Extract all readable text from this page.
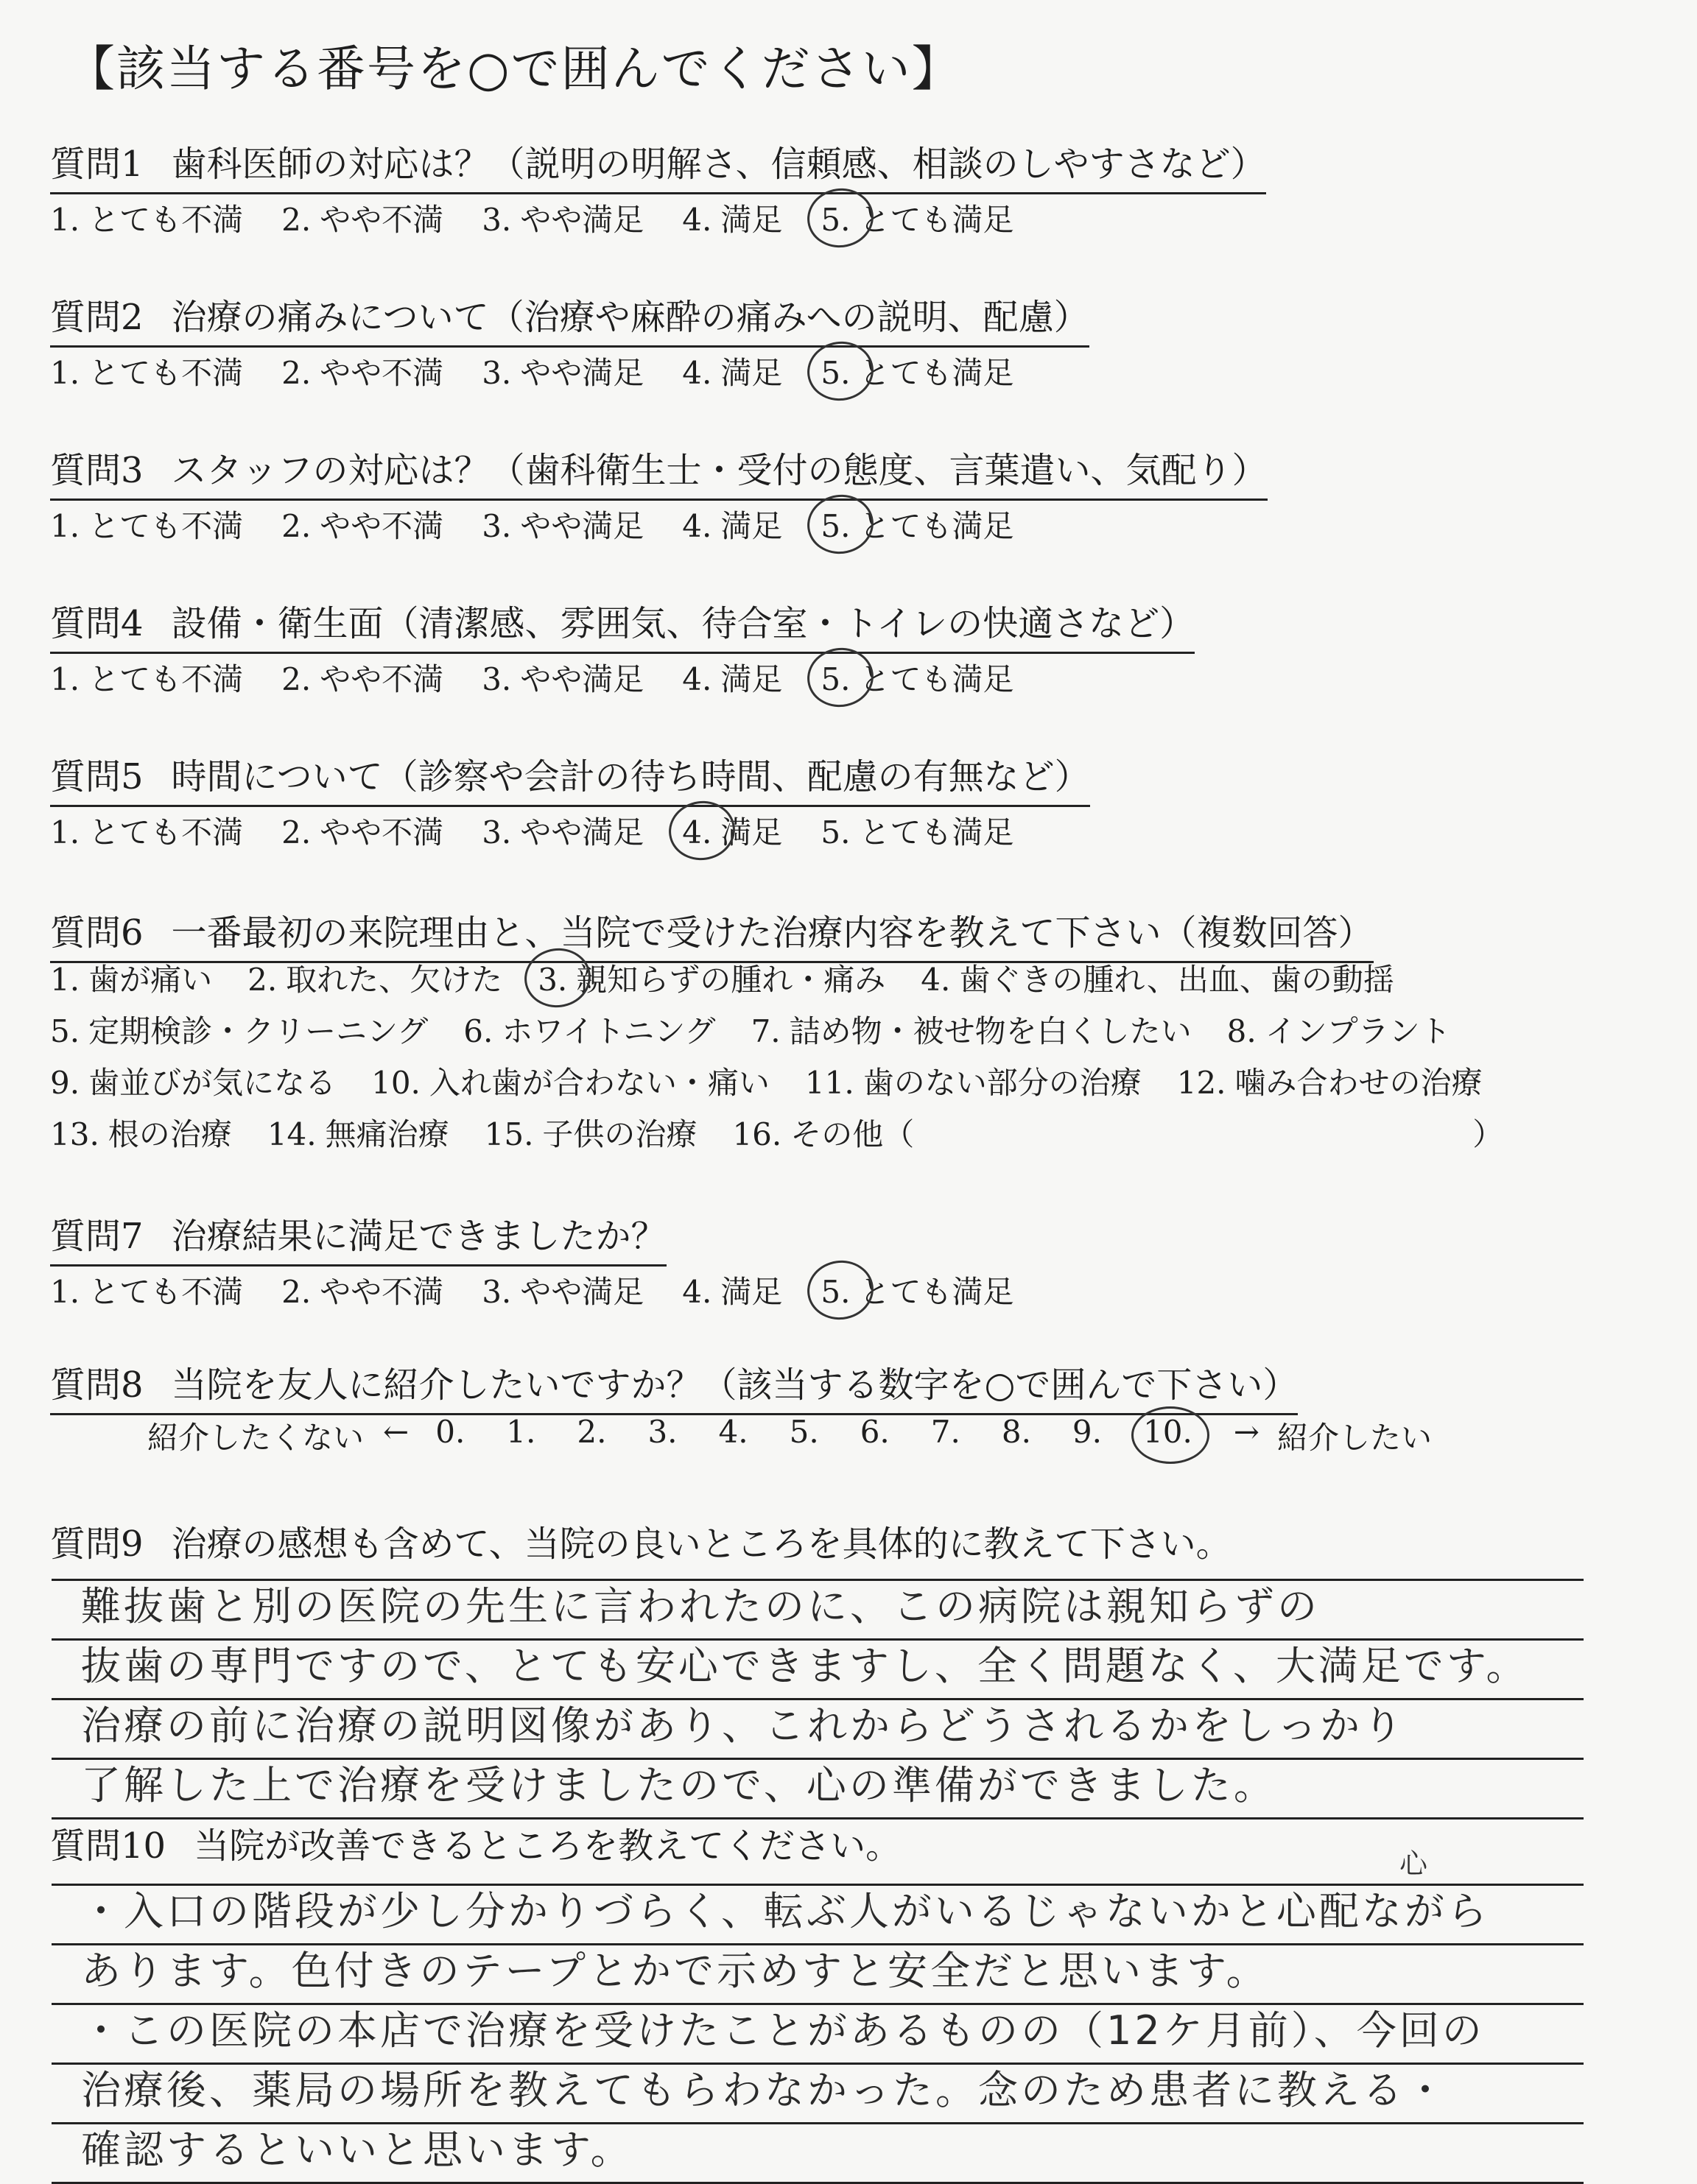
【該当する番号を○で囲んでください】
質問1 歯科医師の対応は？（説明の明解さ、信頼感、相談のしやすさなど）
1. とても不満 2. やや不満 3. やや満足 4. 満足 5. とても満足
質問2 治療の痛みについて（治療や麻酔の痛みへの説明、配慮）
1. とても不満 2. やや不満 3. やや満足 4. 満足 5. とても満足
質問3 スタッフの対応は？（歯科衛生士・受付の態度、言葉遣い、気配り）
1. とても不満 2. やや不満 3. やや満足 4. 満足 5. とても満足
質問4 設備・衛生面（清潔感、雰囲気、待合室・トイレの快適さなど）
1. とても不満 2. やや不満 3. やや満足 4. 満足 5. とても満足
質問5 時間について（診察や会計の待ち時間、配慮の有無など）
1. とても不満 2. やや不満 3. やや満足 4. 満足 5. とても満足
質問7 治療結果に満足できましたか？
1. とても不満 2. やや不満 3. やや満足 4. 満足 5. とても満足
質問6 一番最初の来院理由と、当院で受けた治療内容を教えて下さい（複数回答）
1. 歯が痛い 2. 取れた、欠けた 3. 親知らずの腫れ・痛み 4. 歯ぐきの腫れ、出血、歯の動揺
5. 定期検診・クリーニング 6. ホワイトニング 7. 詰め物・被せ物を白くしたい 8. インプラント
9. 歯並びが気になる 10. 入れ歯が合わない・痛い 11. 歯のない部分の治療 12. 噛み合わせの治療
13. 根の治療 14. 無痛治療 15. 子供の治療 16. その他（	）
質問8 当院を友人に紹介したいですか？（該当する数字を○で囲んで下さい）
紹介したくない ← 0. 1. 2. 3. 4. 5. 6. 7. 8. 9. 10. → 紹介したい
質問9 治療の感想も含めて、当院の良いところを具体的に教えて下さい。
難抜歯と別の医院の先生に言われたのに、この病院は親知らずの
抜歯の専門ですので、とても安心できますし、全く問題なく、大満足です。
治療の前に治療の説明図像があり、これからどうされるかをしっかり
了解した上で治療を受けましたので、心の準備ができました。
質問10 当院が改善できるところを教えてください。	心
・入口の階段が少し分かりづらく、転ぶ人がいるじゃないかと心配ながら
あります。色付きのテープとかで示めすと安全だと思います。
・この医院の本店で治療を受けたことがあるものの（12ケ月前）、今回の
治療後、薬局の場所を教えてもらわなかった。念のため患者に教える・
確認するといいと思います。
